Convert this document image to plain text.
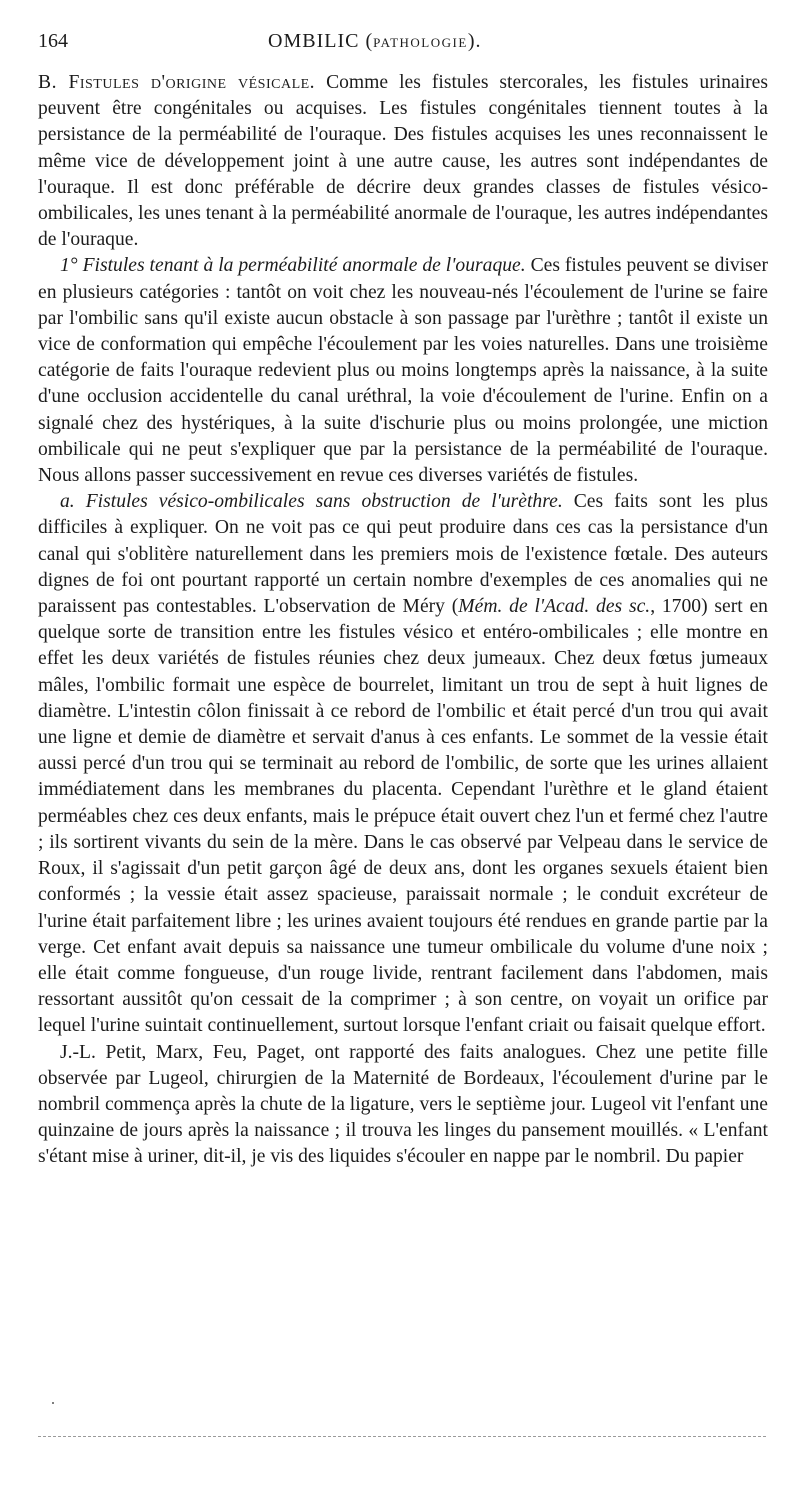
164	OMBILIC (PATHOLOGIE).

B. Fistules d'origine vésicale. Comme les fistules stercorales, les fistules urinaires peuvent être congénitales ou acquises. Les fistules congénitales tiennent toutes à la persistance de la perméabilité de l'ouraque. Des fistules acquises les unes reconnaissent le même vice de développement joint à une autre cause, les autres sont indépendantes de l'ouraque. Il est donc préférable de décrire deux grandes classes de fistules vésico-ombilicales, les unes tenant à la perméabilité anormale de l'ouraque, les autres indépendantes de l'ouraque.

1° Fistules tenant à la perméabilité anormale de l'ouraque. Ces fistules peuvent se diviser en plusieurs catégories : tantôt on voit chez les nouveau-nés l'écoulement de l'urine se faire par l'ombilic sans qu'il existe aucun obstacle à son passage par l'urèthre ; tantôt il existe un vice de conformation qui empêche l'écoulement par les voies naturelles. Dans une troisième catégorie de faits l'ouraque redevient plus ou moins longtemps après la naissance, à la suite d'une occlusion accidentelle du canal uréthral, la voie d'écoulement de l'urine. Enfin on a signalé chez des hystériques, à la suite d'ischurie plus ou moins prolongée, une miction ombilicale qui ne peut s'expliquer que par la persistance de la perméabilité de l'ouraque. Nous allons passer successivement en revue ces diverses variétés de fistules.

a. Fistules vésico-ombilicales sans obstruction de l'urèthre. Ces faits sont les plus difficiles à expliquer. On ne voit pas ce qui peut produire dans ces cas la persistance d'un canal qui s'oblitère naturellement dans les premiers mois de l'existence fœtale. Des auteurs dignes de foi ont pourtant rapporté un certain nombre d'exemples de ces anomalies qui ne paraissent pas contestables. L'observation de Méry (Mém. de l'Acad. des sc., 1700) sert en quelque sorte de transition entre les fistules vésico et entéro-ombilicales ; elle montre en effet les deux variétés de fistules réunies chez deux jumeaux. Chez deux fœtus jumeaux mâles, l'ombilic formait une espèce de bourrelet, limitant un trou de sept à huit lignes de diamètre. L'intestin côlon finissait à ce rebord de l'ombilic et était percé d'un trou qui avait une ligne et demie de diamètre et servait d'anus à ces enfants. Le sommet de la vessie était aussi percé d'un trou qui se terminait au rebord de l'ombilic, de sorte que les urines allaient immédiatement dans les membranes du placenta. Cependant l'urèthre et le gland étaient perméables chez ces deux enfants, mais le prépuce était ouvert chez l'un et fermé chez l'autre ; ils sortirent vivants du sein de la mère. Dans le cas observé par Velpeau dans le service de Roux, il s'agissait d'un petit garçon âgé de deux ans, dont les organes sexuels étaient bien conformés ; la vessie était assez spacieuse, paraissait normale ; le conduit excréteur de l'urine était parfaitement libre ; les urines avaient toujours été rendues en grande partie par la verge. Cet enfant avait depuis sa naissance une tumeur ombilicale du volume d'une noix ; elle était comme fongueuse, d'un rouge livide, rentrant facilement dans l'abdomen, mais ressortant aussitôt qu'on cessait de la comprimer ; à son centre, on voyait un orifice par lequel l'urine suintait continuellement, surtout lorsque l'enfant criait ou faisait quelque effort.

J.-L. Petit, Marx, Feu, Paget, ont rapporté des faits analogues. Chez une petite fille observée par Lugeol, chirurgien de la Maternité de Bordeaux, l'écoulement d'urine par le nombril commença après la chute de la ligature, vers le septième jour. Lugeol vit l'enfant une quinzaine de jours après la naissance ; il trouva les linges du pansement mouillés. « L'enfant s'étant mise à uriner, dit-il, je vis des liquides s'écouler en nappe par le nombril. Du papier
